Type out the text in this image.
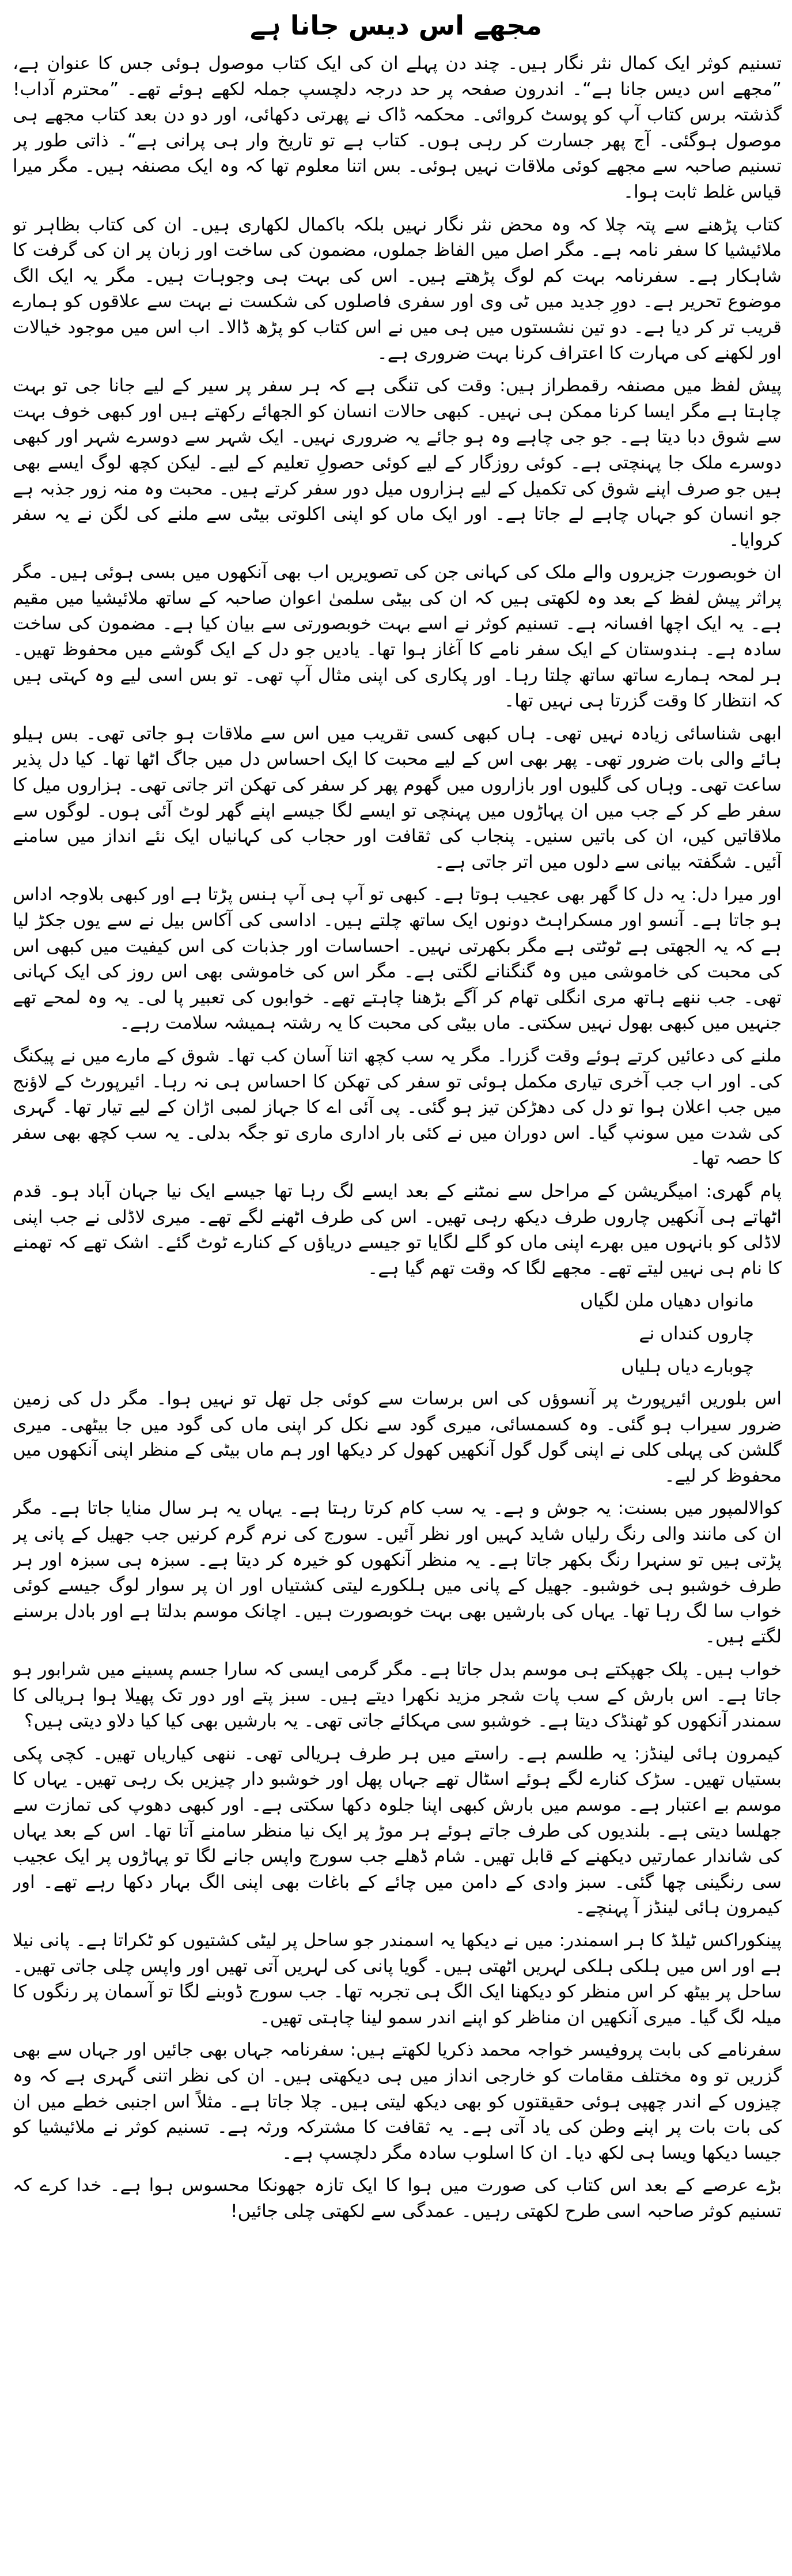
مجھے اس دیس جانا ہے

تسنیم کوثر ایک کمال نثر نگار ہیں۔ چند دن پہلے ان کی ایک کتاب موصول ہوئی جس کا عنوان ہے، ”مجھے اس دیس جانا ہے“۔ اندرون صفحہ پر حد درجہ دلچسپ جملہ لکھے ہوئے تھے۔ ”محترم آداب! گذشتہ برس کتاب آپ کو پوسٹ کروائی۔ محکمہ ڈاک نے پھرتی دکھائی، اور دو دن بعد کتاب مجھے ہی موصول ہوگئی۔ آج پھر جسارت کر رہی ہوں۔ کتاب ہے تو تاریخ وار ہی پرانی ہے“۔ ذاتی طور پر تسنیم صاحبہ سے مجھے کوئی ملاقات نہیں ہوئی۔ بس اتنا معلوم تھا کہ وہ ایک مصنفہ ہیں۔ مگر میرا قیاس غلط ثابت ہوا۔

کتاب پڑھنے سے پتہ چلا کہ وہ محض نثر نگار نہیں بلکہ باکمال لکھاری ہیں۔ ان کی کتاب بظاہر تو ملائیشیا کا سفر نامہ ہے۔ مگر اصل میں الفاظ جملوں، مضمون کی ساخت اور زبان پر ان کی گرفت کا شاہکار ہے۔ سفرنامہ بہت کم لوگ پڑھتے ہیں۔ اس کی بہت ہی وجوہات ہیں۔ مگر یہ ایک الگ موضوع تحریر ہے۔ دورِ جدید میں ٹی وی اور سفری فاصلوں کی شکست نے بہت سے علاقوں کو ہمارے قریب تر کر دیا ہے۔ دو تین نشستوں میں ہی میں نے اس کتاب کو پڑھ ڈالا۔ اب اس میں موجود خیالات اور لکھنے کی مہارت کا اعتراف کرنا بہت ضروری ہے۔

پیش لفظ میں مصنفہ رقمطراز ہیں: وقت کی تنگی ہے کہ ہر سفر پر سیر کے لیے جانا جی تو بہت چاہتا ہے مگر ایسا کرنا ممکن ہی نہیں۔ کبھی حالات انسان کو الجھائے رکھتے ہیں اور کبھی خوف بہت سے شوق دبا دیتا ہے۔ جو جی چاہے وہ ہو جائے یہ ضروری نہیں۔ ایک شہر سے دوسرے شہر اور کبھی دوسرے ملک جا پہنچتی ہے۔ کوئی روزگار کے لیے کوئی حصولِ تعلیم کے لیے۔ لیکن کچھ لوگ ایسے بھی ہیں جو صرف اپنے شوق کی تکمیل کے لیے ہزاروں میل دور سفر کرتے ہیں۔ محبت وہ منہ زور جذبہ ہے جو انسان کو جہاں چاہے لے جاتا ہے۔ اور ایک ماں کو اپنی اکلوتی بیٹی سے ملنے کی لگن نے یہ سفر کروایا۔

ان خوبصورت جزیروں والے ملک کی کہانی جن کی تصویریں اب بھی آنکھوں میں بسی ہوئی ہیں۔ مگر پراثر پیش لفظ کے بعد وہ لکھتی ہیں کہ ان کی بیٹی سلمیٰ اعوان صاحبہ کے ساتھ ملائیشیا میں مقیم ہے۔ یہ ایک اچھا افسانہ ہے۔ تسنیم کوثر نے اسے بہت خوبصورتی سے بیان کیا ہے۔ مضمون کی ساخت سادہ ہے۔ ہندوستان کے ایک سفر نامے کا آغاز ہوا تھا۔ یادیں جو دل کے ایک گوشے میں محفوظ تھیں۔ ہر لمحہ ہمارے ساتھ ساتھ چلتا رہا۔ اور پکاری کی اپنی مثال آپ تھی۔ تو بس اسی لیے وہ کہتی ہیں کہ انتظار کا وقت گزرتا ہی نہیں تھا۔

ابھی شناسائی زیادہ نہیں تھی۔ ہاں کبھی کسی تقریب میں اس سے ملاقات ہو جاتی تھی۔ بس ہیلو ہائے والی بات ضرور تھی۔ پھر بھی اس کے لیے محبت کا ایک احساس دل میں جاگ اٹھا تھا۔ کیا دل پذیر ساعت تھی۔ وہاں کی گلیوں اور بازاروں میں گھوم پھر کر سفر کی تھکن اتر جاتی تھی۔ ہزاروں میل کا سفر طے کر کے جب میں ان پہاڑوں میں پہنچی تو ایسے لگا جیسے اپنے گھر لوٹ آئی ہوں۔ لوگوں سے ملاقاتیں کیں، ان کی باتیں سنیں۔ پنجاب کی ثقافت اور حجاب کی کہانیاں ایک نئے انداز میں سامنے آئیں۔ شگفتہ بیانی سے دلوں میں اتر جاتی ہے۔

اور میرا دل: یہ دل کا گھر بھی عجیب ہوتا ہے۔ کبھی تو آپ ہی آپ ہنس پڑتا ہے اور کبھی بلاوجہ اداس ہو جاتا ہے۔ آنسو اور مسکراہٹ دونوں ایک ساتھ چلتے ہیں۔ اداسی کی آکاس بیل نے سے یوں جکڑ لیا ہے کہ یہ الجھتی ہے ٹوٹتی ہے مگر بکھرتی نہیں۔ احساسات اور جذبات کی اس کیفیت میں کبھی اس کی محبت کی خاموشی میں وہ گنگنانے لگتی ہے۔ مگر اس کی خاموشی بھی اس روز کی ایک کہانی تھی۔ جب ننھے ہاتھ مری انگلی تھام کر آگے بڑھنا چاہتے تھے۔ خوابوں کی تعبیر پا لی۔ یہ وہ لمحے تھے جنہیں میں کبھی بھول نہیں سکتی۔ ماں بیٹی کی محبت کا یہ رشتہ ہمیشہ سلامت رہے۔

ملنے کی دعائیں کرتے ہوئے وقت گزرا۔ مگر یہ سب کچھ اتنا آسان کب تھا۔ شوق کے مارے میں نے پیکنگ کی۔ اور اب جب آخری تیاری مکمل ہوئی تو سفر کی تھکن کا احساس ہی نہ رہا۔ ائیرپورٹ کے لاؤنج میں جب اعلان ہوا تو دل کی دھڑکن تیز ہو گئی۔ پی آئی اے کا جہاز لمبی اڑان کے لیے تیار تھا۔ گہری کی شدت میں سونپ گیا۔ اس دوران میں نے کئی بار اداری ماری تو جگہ بدلی۔ یہ سب کچھ بھی سفر کا حصہ تھا۔

پام گھری: امیگریشن کے مراحل سے نمٹنے کے بعد ایسے لگ رہا تھا جیسے ایک نیا جہان آباد ہو۔ قدم اٹھاتے ہی آنکھیں چاروں طرف دیکھ رہی تھیں۔ اس کی طرف اٹھنے لگے تھے۔ میری لاڈلی نے جب اپنی لاڈلی کو بانہوں میں بھرے اپنی ماں کو گلے لگایا تو جیسے دریاؤں کے کنارے ٹوٹ گئے۔ اشک تھے کہ تھمنے کا نام ہی نہیں لیتے تھے۔ مجھے لگا کہ وقت تھم گیا ہے۔

مانواں دھیاں ملن لگیاں

چاروں کنداں نے

چوبارے دیاں ہلیاں

اس بلوریں ائیرپورٹ پر آنسوؤں کی اس برسات سے کوئی جل تھل تو نہیں ہوا۔ مگر دل کی زمین ضرور سیراب ہو گئی۔ وہ کسمسائی، میری گود سے نکل کر اپنی ماں کی گود میں جا بیٹھی۔ میری گلشن کی پہلی کلی نے اپنی گول گول آنکھیں کھول کر دیکھا اور ہم ماں بیٹی کے منظر اپنی آنکھوں میں محفوظ کر لیے۔

کوالالمپور میں بسنت: یہ جوش و ہے۔ یہ سب کام کرتا رہتا ہے۔ یہاں یہ ہر سال منایا جاتا ہے۔ مگر ان کی مانند والی رنگ رلیاں شاید کہیں اور نظر آئیں۔ سورج کی نرم گرم کرنیں جب جھیل کے پانی پر پڑتی ہیں تو سنہرا رنگ بکھر جاتا ہے۔ یہ منظر آنکھوں کو خیرہ کر دیتا ہے۔ سبزہ ہی سبزہ اور ہر طرف خوشبو ہی خوشبو۔ جھیل کے پانی میں ہلکورے لیتی کشتیاں اور ان پر سوار لوگ جیسے کوئی خواب سا لگ رہا تھا۔ یہاں کی بارشیں بھی بہت خوبصورت ہیں۔ اچانک موسم بدلتا ہے اور بادل برسنے لگتے ہیں۔

خواب ہیں۔ پلک جھپکتے ہی موسم بدل جاتا ہے۔ مگر گرمی ایسی کہ سارا جسم پسینے میں شرابور ہو جاتا ہے۔ اس بارش کے سب پات شجر مزید نکھرا دیتے ہیں۔ سبز پتے اور دور تک پھیلا ہوا ہریالی کا سمندر آنکھوں کو ٹھنڈک دیتا ہے۔ خوشبو سی مہکائے جاتی تھی۔ یہ بارشیں بھی کیا کیا دلاو دیتی ہیں؟

کیمرون ہائی لینڈز: یہ طلسم ہے۔ راستے میں ہر طرف ہریالی تھی۔ ننھی کیاریاں تھیں۔ کچی پکی بستیاں تھیں۔ سڑک کنارے لگے ہوئے اسٹال تھے جہاں پھل اور خوشبو دار چیزیں بک رہی تھیں۔ یہاں کا موسم بے اعتبار ہے۔ موسم میں بارش کبھی اپنا جلوہ دکھا سکتی ہے۔ اور کبھی دھوپ کی تمازت سے جھلسا دیتی ہے۔ بلندیوں کی طرف جاتے ہوئے ہر موڑ پر ایک نیا منظر سامنے آتا تھا۔ اس کے بعد یہاں کی شاندار عمارتیں دیکھنے کے قابل تھیں۔ شام ڈھلے جب سورج واپس جانے لگا تو پہاڑوں پر ایک عجیب سی رنگینی چھا گئی۔ سبز وادی کے دامن میں چائے کے باغات بھی اپنی الگ بہار دکھا رہے تھے۔ اور کیمرون ہائی لینڈز آ پہنچے۔

پینکوراکس ٹیلڈ کا ہر اسمندر: میں نے دیکھا یہ اسمندر جو ساحل پر لیٹی کشتیوں کو ٹکراتا ہے۔ پانی نیلا ہے اور اس میں ہلکی ہلکی لہریں اٹھتی ہیں۔ گویا پانی کی لہریں آتی تھیں اور واپس چلی جاتی تھیں۔ ساحل پر بیٹھ کر اس منظر کو دیکھنا ایک الگ ہی تجربہ تھا۔ جب سورج ڈوبنے لگا تو آسمان پر رنگوں کا میلہ لگ گیا۔ میری آنکھیں ان مناظر کو اپنے اندر سمو لینا چاہتی تھیں۔

سفرنامے کی بابت پروفیسر خواجہ محمد ذکریا لکھتے ہیں: سفرنامہ جہاں بھی جائیں اور جہاں سے بھی گزریں تو وہ مختلف مقامات کو خارجی انداز میں ہی دیکھتی ہیں۔ ان کی نظر اتنی گہری ہے کہ وہ چیزوں کے اندر چھپی ہوئی حقیقتوں کو بھی دیکھ لیتی ہیں۔ چلا جاتا ہے۔ مثلاً اس اجنبی خطے میں ان کی بات بات پر اپنے وطن کی یاد آتی ہے۔ یہ ثقافت کا مشترکہ ورثہ ہے۔ تسنیم کوثر نے ملائیشیا کو جیسا دیکھا ویسا ہی لکھ دیا۔ ان کا اسلوب سادہ مگر دلچسپ ہے۔

بڑے عرصے کے بعد اس کتاب کی صورت میں ہوا کا ایک تازہ جھونکا محسوس ہوا ہے۔ خدا کرے کہ تسنیم کوثر صاحبہ اسی طرح لکھتی رہیں۔ عمدگی سے لکھتی چلی جائیں!
